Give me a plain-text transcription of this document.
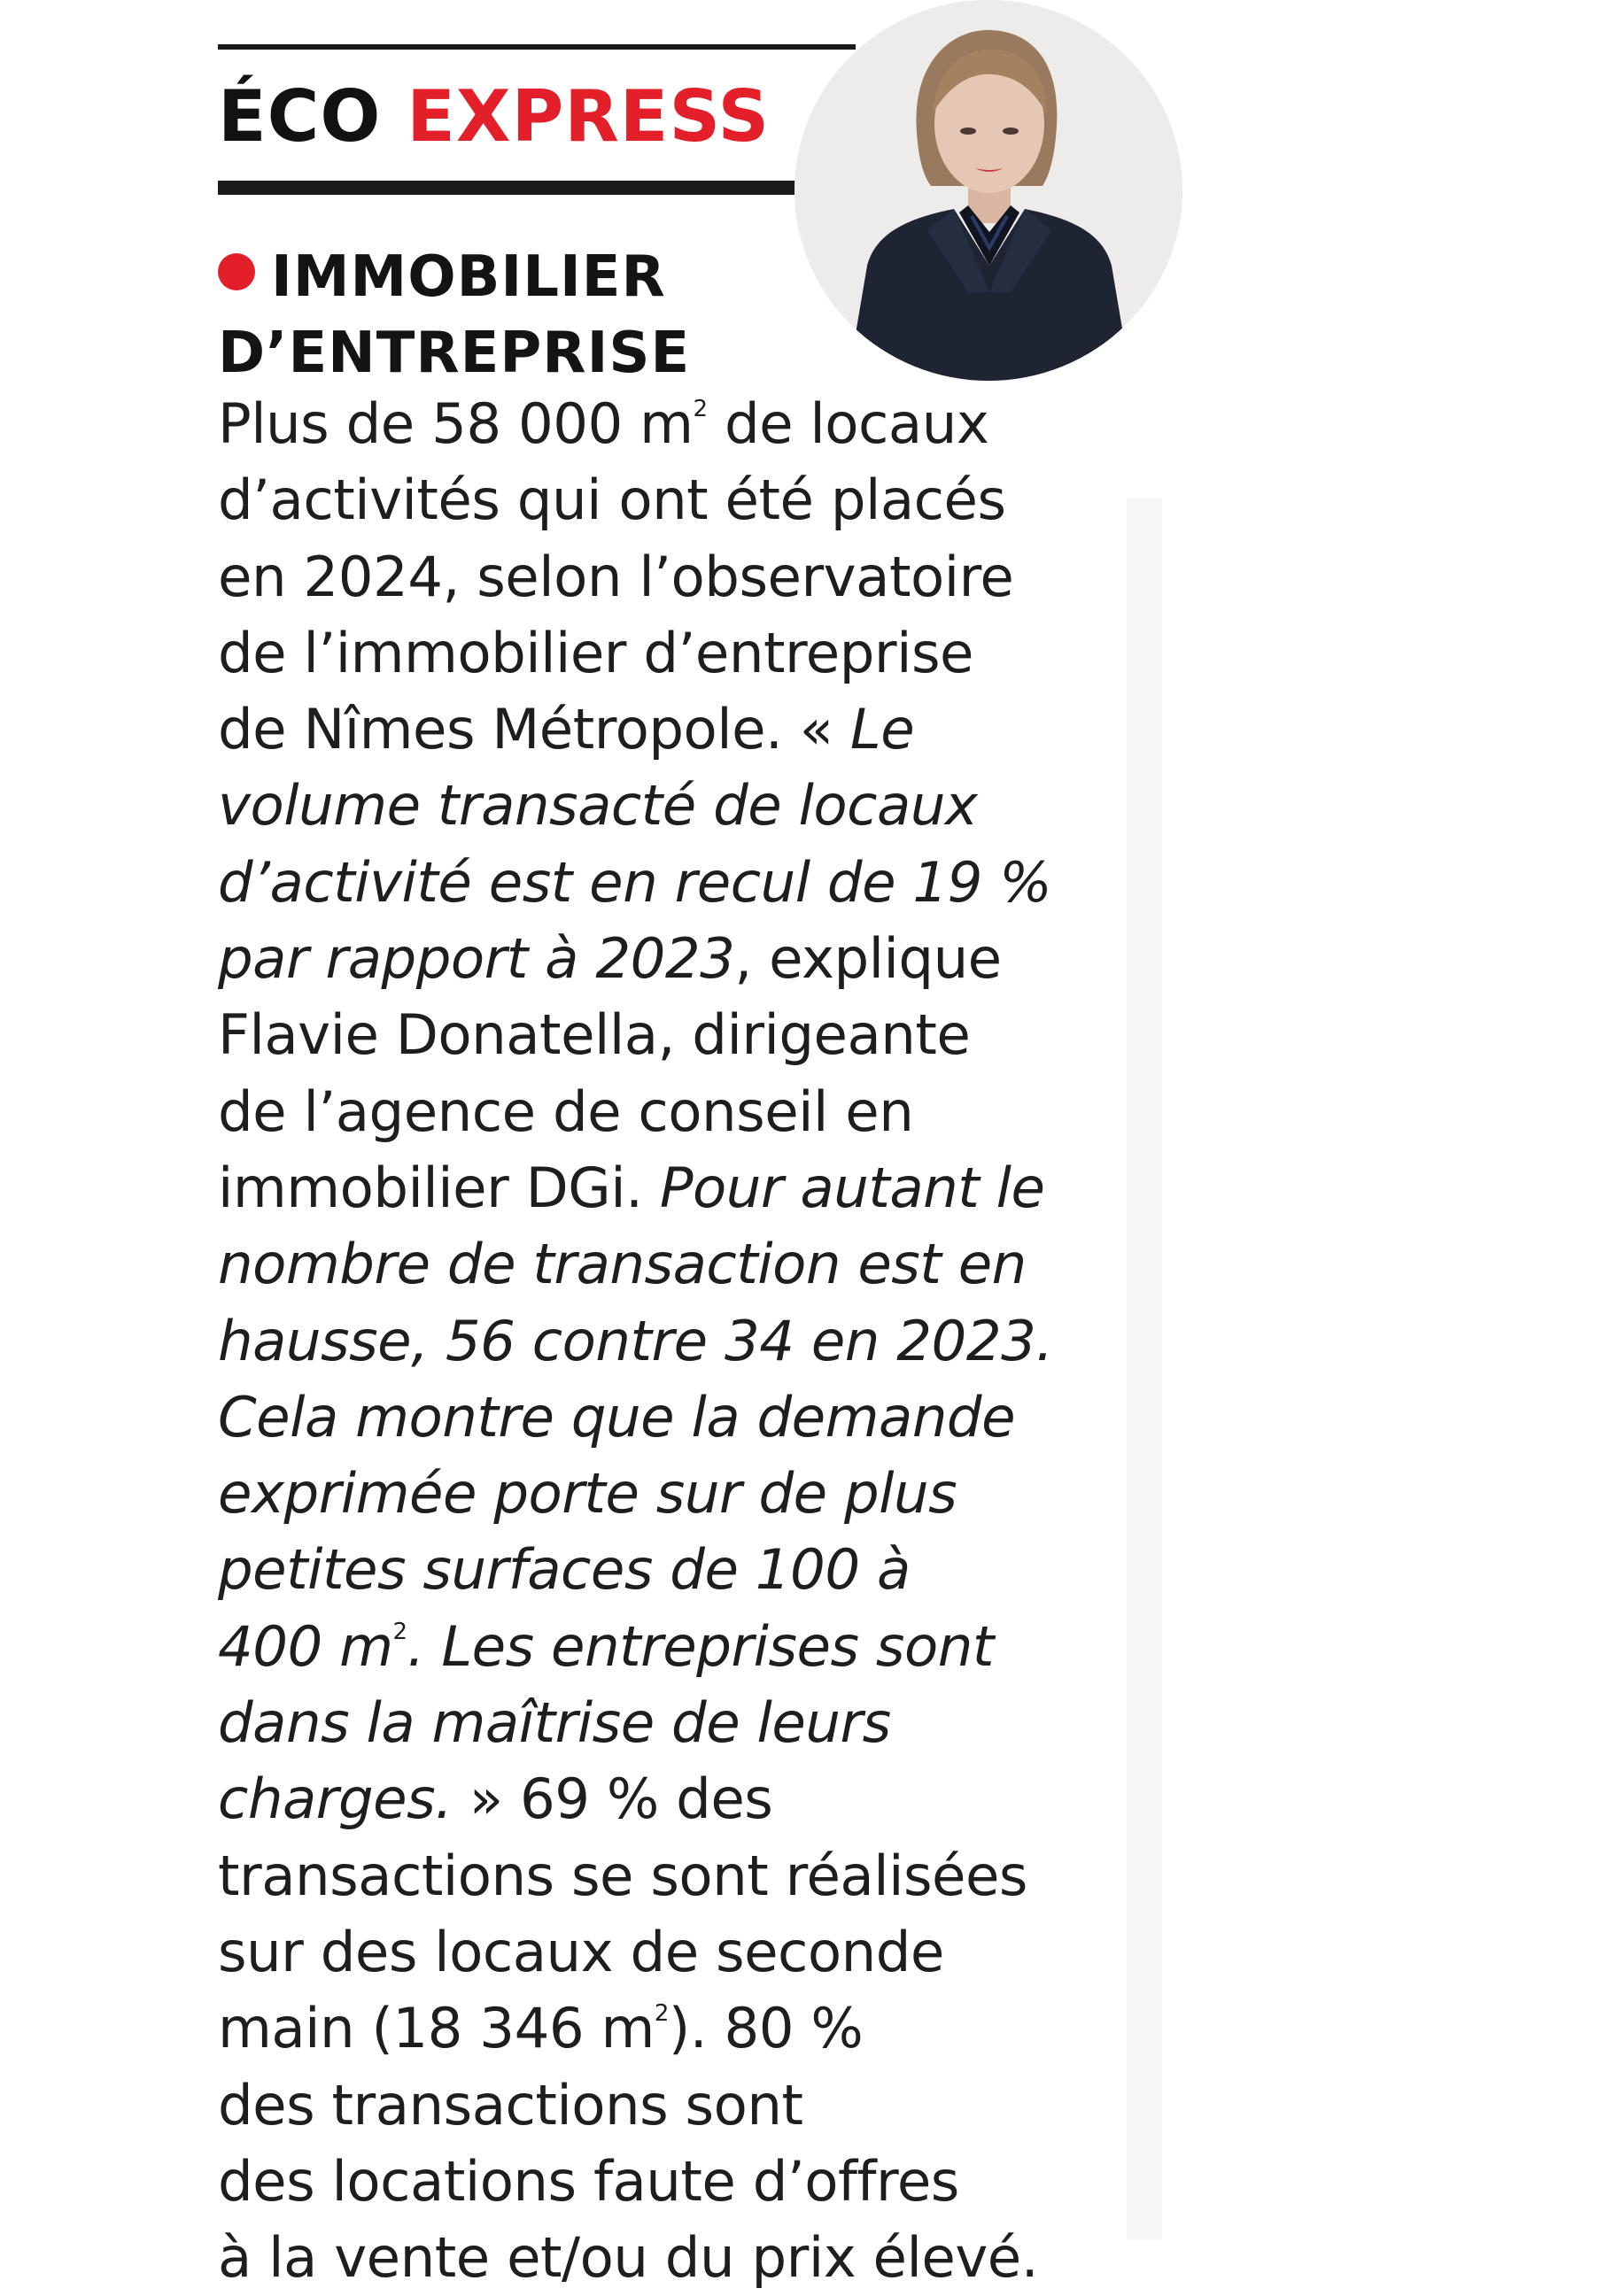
ÉCO EXPRESS
IMMOBILIER
D’ENTREPRISE
Plus de 58 000 $m^2$ de locaux
d’activités qui ont été placés
en 2024, selon l’observatoire
de l’immobilier d’entreprise
de Nîmes Métropole. « Le
volume transacté de locaux
d’activité est en recul de 19 %
par rapport à 2023, explique
Flavie Donatella, dirigeante
de l’agence de conseil en
immobilier DGi. Pour autant le
nombre de transaction est en
hausse, 56 contre 34 en 2023.
Cela montre que la demande
exprimée porte sur de plus
petites surfaces de 100 à
400 $m^2$. Les entreprises sont
dans la maîtrise de leurs
charges. » 69 % des
transactions se sont réalisées
sur des locaux de seconde
main (18 346 $m^2$). 80 %
des transactions sont
des locations faute d’offres
à la vente et/ou du prix élevé.
